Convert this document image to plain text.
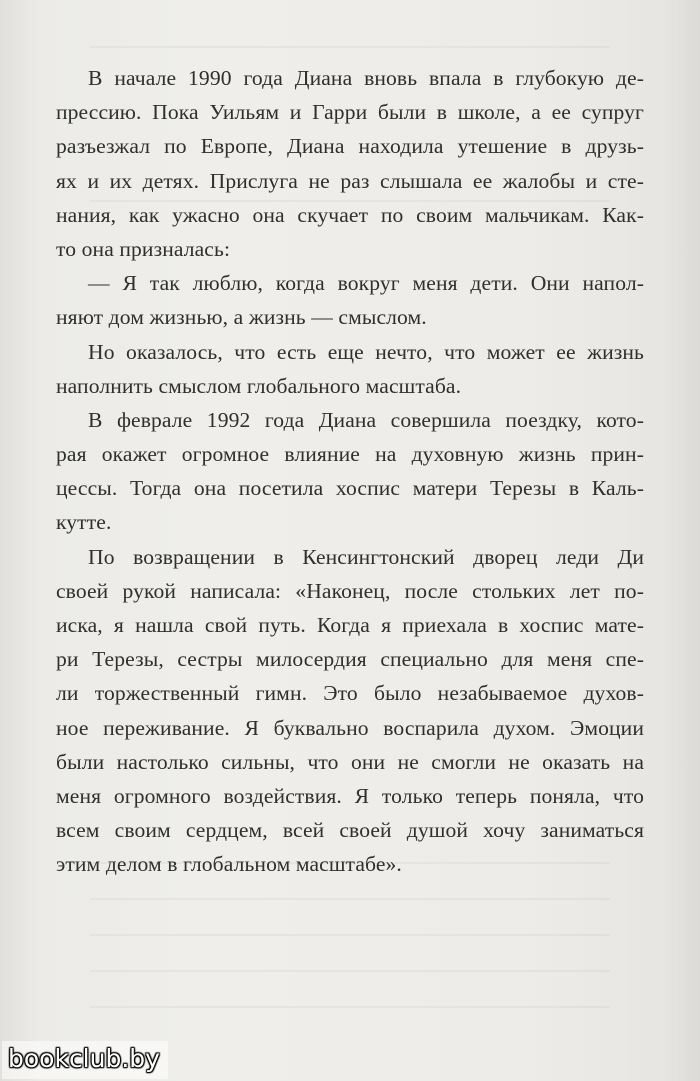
В начале 1990 года Диана вновь впала в глубокую де-
прессию. Пока Уильям и Гарри были в школе, а ее супруг
разъезжал по Европе, Диана находила утешение в друзь-
ях и их детях. Прислуга не раз слышала ее жалобы и сте-
нания, как ужасно она скучает по своим мальчикам. Как-
то она призналась:
— Я так люблю, когда вокруг меня дети. Они напол-
няют дом жизнью, а жизнь — смыслом.
Но оказалось, что есть еще нечто, что может ее жизнь
наполнить смыслом глобального масштаба.
В феврале 1992 года Диана совершила поездку, кото-
рая окажет огромное влияние на духовную жизнь прин-
цессы. Тогда она посетила хоспис матери Терезы в Каль-
кутте.
По возвращении в Кенсингтонский дворец леди Ди
своей рукой написала: «Наконец, после стольких лет по-
иска, я нашла свой путь. Когда я приехала в хоспис мате-
ри Терезы, сестры милосердия специально для меня спе-
ли торжественный гимн. Это было незабываемое духов-
ное переживание. Я буквально воспарила духом. Эмоции
были настолько сильны, что они не смогли не оказать на
меня огромного воздействия. Я только теперь поняла, что
всем своим сердцем, всей своей душой хочу заниматься
этим делом в глобальном масштабе».
bookclub.by
